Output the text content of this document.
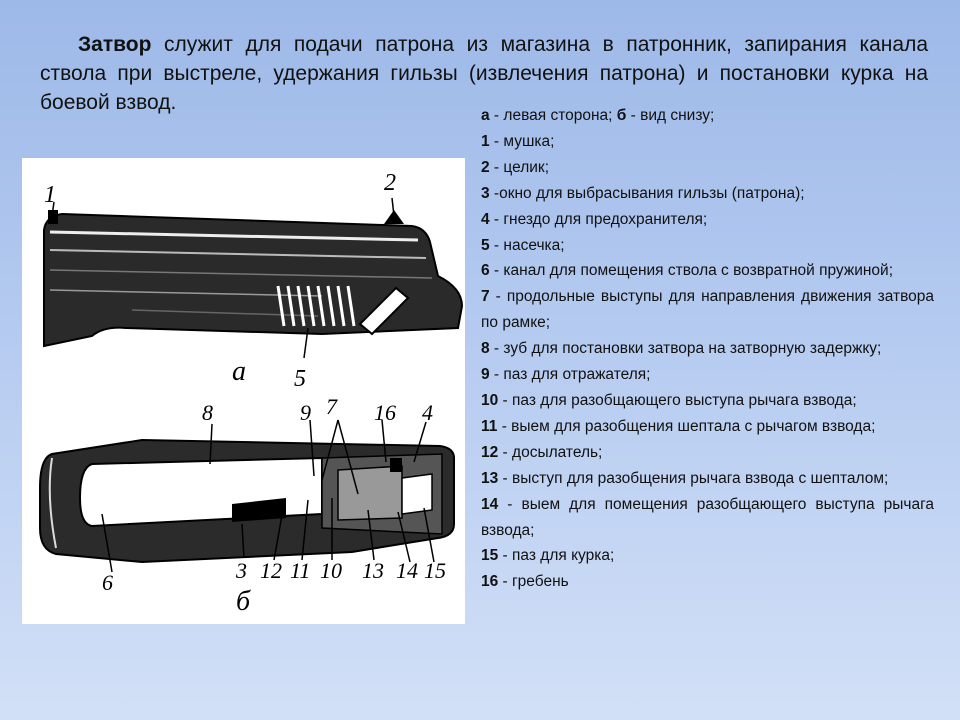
Затвор служит для подачи патрона из магазина в патронник, запирания канала ствола при выстреле, удержания гильзы (извлечения патрона) и постановки курка на боевой взвод.
1	2
5
а
8	9 7 16 4
6	3 12 11 10 13 14 15
б
а - левая сторона; б - вид снизу;
1 - мушка;
2 - целик;
3 -окно для выбрасывания гильзы (патрона);
4 - гнездо для предохранителя;
5 - насечка;
6 - канал для помещения ствола с возвратной пружиной;
7 - продольные выступы для направления движения затвора по рамке;
8 - зуб для постановки затвора на затворную задержку;
9 - паз для отражателя;
10 - паз для разобщающего выступа рычага взвода;
11 - выем для разобщения шептала с рычагом взвода;
12 - досылатель;
13 - выступ для разобщения рычага взвода с шепталом;
14 - выем для помещения разобщающего выступа рычага взвода;
15 - паз для курка;
16 - гребень
